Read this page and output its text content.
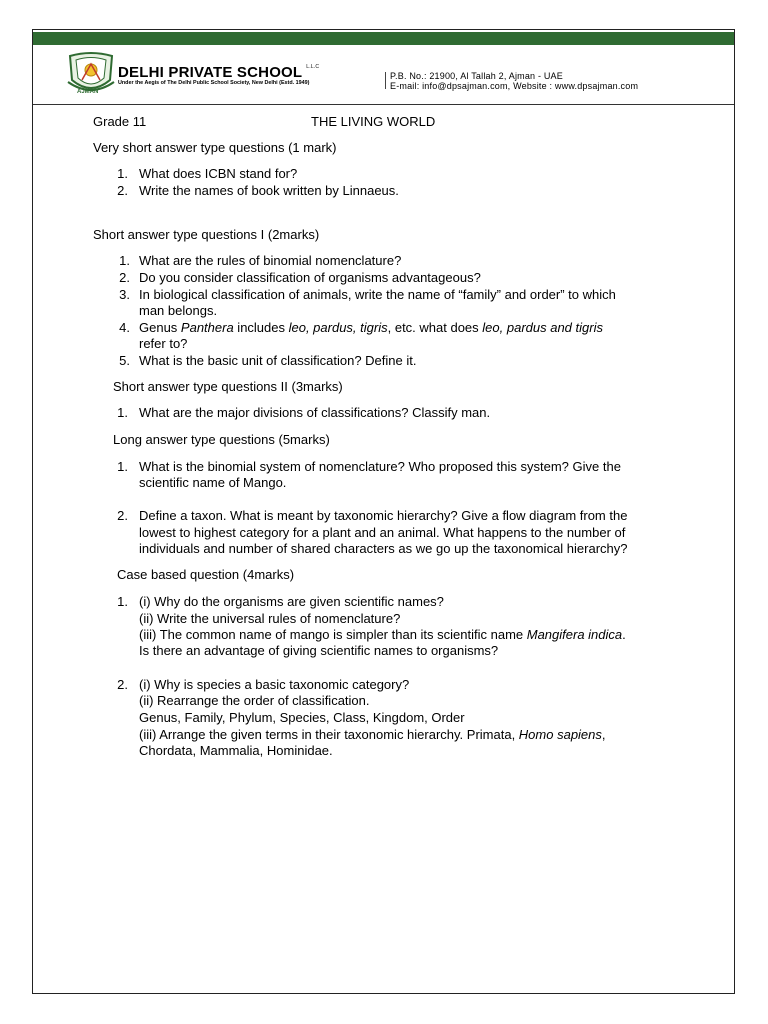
DELHI PRIVATE SCHOOL $^{L.L.C}$
Under the Aegis of The Delhi Public School Society, New Delhi (Estd. 1949)
AJMAN
P.B. No.: 21900, Al Tallah 2, Ajman - UAE
E-mail: info@dpsajman.com, Website : www.dpsajman.com
Grade 11	THE LIVING WORLD
Very short answer type questions (1 mark)
1. What does ICBN stand for?
2. Write the names of book written by Linnaeus.
Short answer type questions I (2marks)
1. What are the rules of binomial nomenclature?
2. Do you consider classification of organisms advantageous?
3. In biological classification of animals, write the name of “family” and order” to which
man belongs.
4. Genus Panthera includes leo, pardus, tigris, etc. what does leo, pardus and tigris
refer to?
5. What is the basic unit of classification? Define it.
Short answer type questions II (3marks)
1. What are the major divisions of classifications? Classify man.
Long answer type questions (5marks)
1. What is the binomial system of nomenclature? Who proposed this system? Give the
scientific name of Mango.
2. Define a taxon. What is meant by taxonomic hierarchy? Give a flow diagram from the
lowest to highest category for a plant and an animal. What happens to the number of
individuals and number of shared characters as we go up the taxonomical hierarchy?
Case based question (4marks)
1. (i) Why do the organisms are given scientific names?
(ii) Write the universal rules of nomenclature?
(iii) The common name of mango is simpler than its scientific name Mangifera indica.
Is there an advantage of giving scientific names to organisms?
2. (i) Why is species a basic taxonomic category?
(ii) Rearrange the order of classification.
Genus, Family, Phylum, Species, Class, Kingdom, Order
(iii) Arrange the given terms in their taxonomic hierarchy. Primata, Homo sapiens,
Chordata, Mammalia, Hominidae.
